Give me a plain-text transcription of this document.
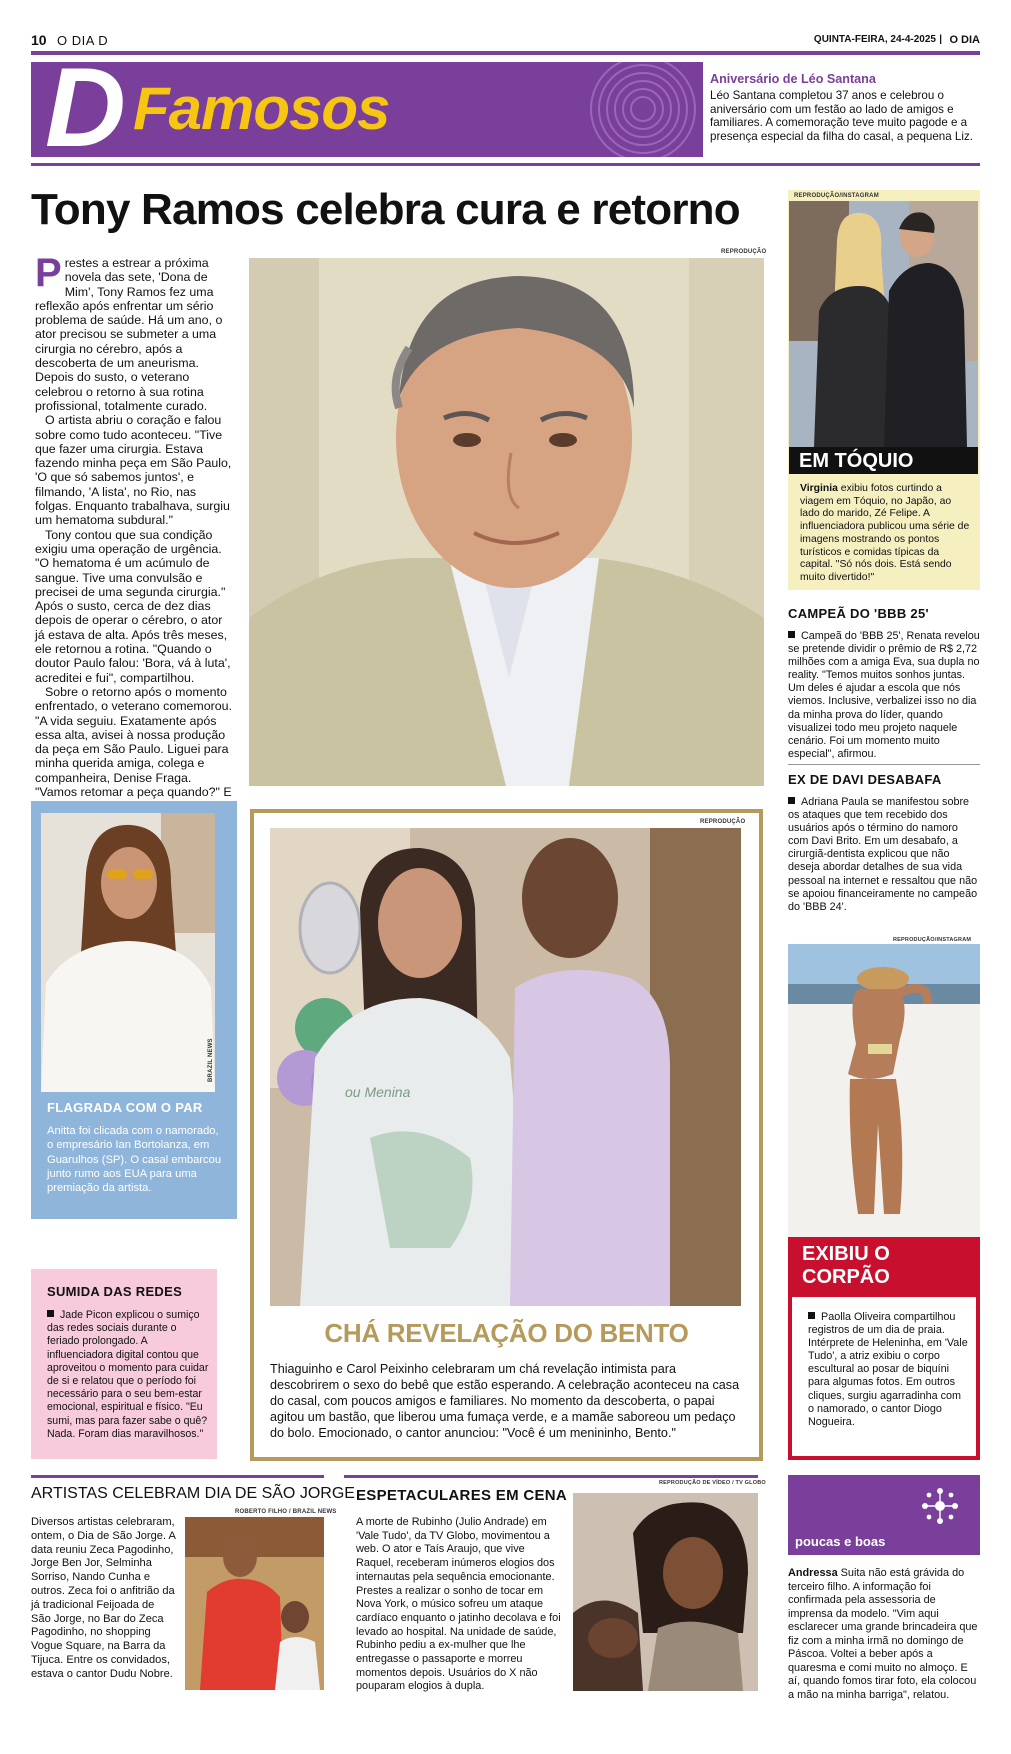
10 O DIA D	QUINTA-FEIRA, 24-4-2025 | O DIA
D Famosos	Aniversário de Léo Santana

Léo Santana completou 37 anos e celebrou o aniversário com um festão ao lado de amigos e familiares. A comemoração teve muito pagode e a presença especial da filha do casal, a pequena Liz.

Tony Ramos celebra cura e retorno
REPRODUÇÃO
P restes a estrear a próxima novela das sete, 'Dona de Mim', Tony Ramos fez uma reflexão após enfrentar um sério problema de saúde. Há um ano, o ator precisou se submeter a uma cirurgia no cérebro, após a descoberta de um aneurisma. Depois do susto, o veterano celebrou o retorno à sua rotina profissional, totalmente curado.

O artista abriu o coração e falou sobre como tudo aconteceu. "Tive que fazer uma cirurgia. Estava fazendo minha peça em São Paulo, 'O que só sabemos juntos', e filmando, 'A lista', no Rio, nas folgas. Enquanto trabalhava, surgiu um hematoma subdural."

Tony contou que sua condição exigiu uma operação de urgência. "O hematoma é um acúmulo de sangue. Tive uma convulsão e precisei de uma segunda cirurgia." Após o susto, cerca de dez dias depois de operar o cérebro, o ator já estava de alta. Após três meses, ele retornou a rotina. "Quando o doutor Paulo falou: 'Bora, vá à luta', acreditei e fui", compartilhou.

Sobre o retorno após o momento enfrentado, o veterano comemorou. "A vida seguiu. Exatamente após essa alta, avisei à nossa produção da peça em São Paulo. Liguei para minha querida amiga, colega e companheira, Denise Fraga. "Vamos retomar a peça quando?" E

REPRODUÇÃO/INSTAGRAM
EM TÓQUIO

Virginia exibiu fotos curtindo a viagem em Tóquio, no Japão, ao lado do marido, Zé Felipe. A influenciadora publicou uma série de imagens mostrando os pontos turísticos e comidas típicas da capital. "Só nós dois. Está sendo muito divertido!"

CAMPEÃ DO 'BBB 25'

Campeã do 'BBB 25', Renata revelou se pretende dividir o prêmio de R$ 2,72 milhões com a amiga Eva, sua dupla no reality. "Temos muitos sonhos juntas. Um deles é ajudar a escola que nós viemos. Inclusive, verbalizei isso no dia da minha prova do líder, quando visualizei todo meu projeto naquele cenário. Foi um momento muito especial", afirmou.

EX DE DAVI DESABAFA

Adriana Paula se manifestou sobre os ataques que tem recebido dos usuários após o término do namoro com Davi Brito. Em um desabafo, a cirurgiã-dentista explicou que não deseja abordar detalhes de sua vida pessoal na internet e ressaltou que não se apoiou financeiramente no campeão do 'BBB 24'.

BRAZIL NEWS
FLAGRADA COM O PAR

Anitta foi clicada com o namorado, o empresário Ian Bortolanza, em Guarulhos (SP). O casal embarcou junto rumo aos EUA para uma premiação da artista.

SUMIDA DAS REDES

Jade Picon explicou o sumiço das redes sociais durante o feriado prolongado. A influenciadora digital contou que aproveitou o momento para cuidar de si e relatou que o período foi necessário para o seu bem-estar emocional, espiritual e físico. "Eu sumi, mas para fazer sabe o quê? Nada. Foram dias maravilhosos."

REPRODUÇÃO
ou Menina
CHÁ REVELAÇÃO DO BENTO

Thiaguinho e Carol Peixinho celebraram um chá revelação intimista para descobrirem o sexo do bebê que estão esperando. A celebração aconteceu na casa do casal, com poucos amigos e familiares. No momento da descoberta, o papai agitou um bastão, que liberou uma fumaça verde, e a mamãe saboreou um pedaço do bolo. Emocionado, o cantor anunciou: "Você é um menininho, Bento."

REPRODUÇÃO/INSTAGRAM
EXIBIU O
CORPÃO

Paolla Oliveira compartilhou registros de um dia de praia. Intérprete de Heleninha, em 'Vale Tudo', a atriz exibiu o corpo escultural ao posar de biquíni para algumas fotos. Em outros cliques, surgiu agarradinha com o namorado, o cantor Diogo Nogueira.

ARTISTAS CELEBRAM DIA DE SÃO JORGE
ROBERTO FILHO / BRAZIL NEWS

Diversos artistas celebraram, ontem, o Dia de São Jorge. A data reuniu Zeca Pagodinho, Jorge Ben Jor, Selminha Sorriso, Nando Cunha e outros. Zeca foi o anfitrião da já tradicional Feijoada de São Jorge, no Bar do Zeca Pagodinho, no shopping Vogue Square, na Barra da Tijuca. Entre os convidados, estava o cantor Dudu Nobre.

ESPETACULARES EM CENA
REPRODUÇÃO DE VÍDEO / TV GLOBO

A morte de Rubinho (Julio Andrade) em 'Vale Tudo', da TV Globo, movimentou a web. O ator e Taís Araujo, que vive Raquel, receberam inúmeros elogios dos internautas pela sequência emocionante. Prestes a realizar o sonho de tocar em Nova York, o músico sofreu um ataque cardíaco enquanto o jatinho decolava e foi levado ao hospital. Na unidade de saúde, Rubinho pediu a ex-mulher que lhe entregasse o passaporte e morreu momentos depois. Usuários do X não pouparam elogios à dupla.

poucas e boas

Andressa Suita não está grávida do terceiro filho. A informação foi confirmada pela assessoria de imprensa da modelo. "Vim aqui esclarecer uma grande brincadeira que fiz com a minha irmã no domingo de Páscoa. Voltei a beber após a quaresma e comi muito no almoço. E aí, quando fomos tirar foto, ela colocou a mão na minha barriga", relatou.
